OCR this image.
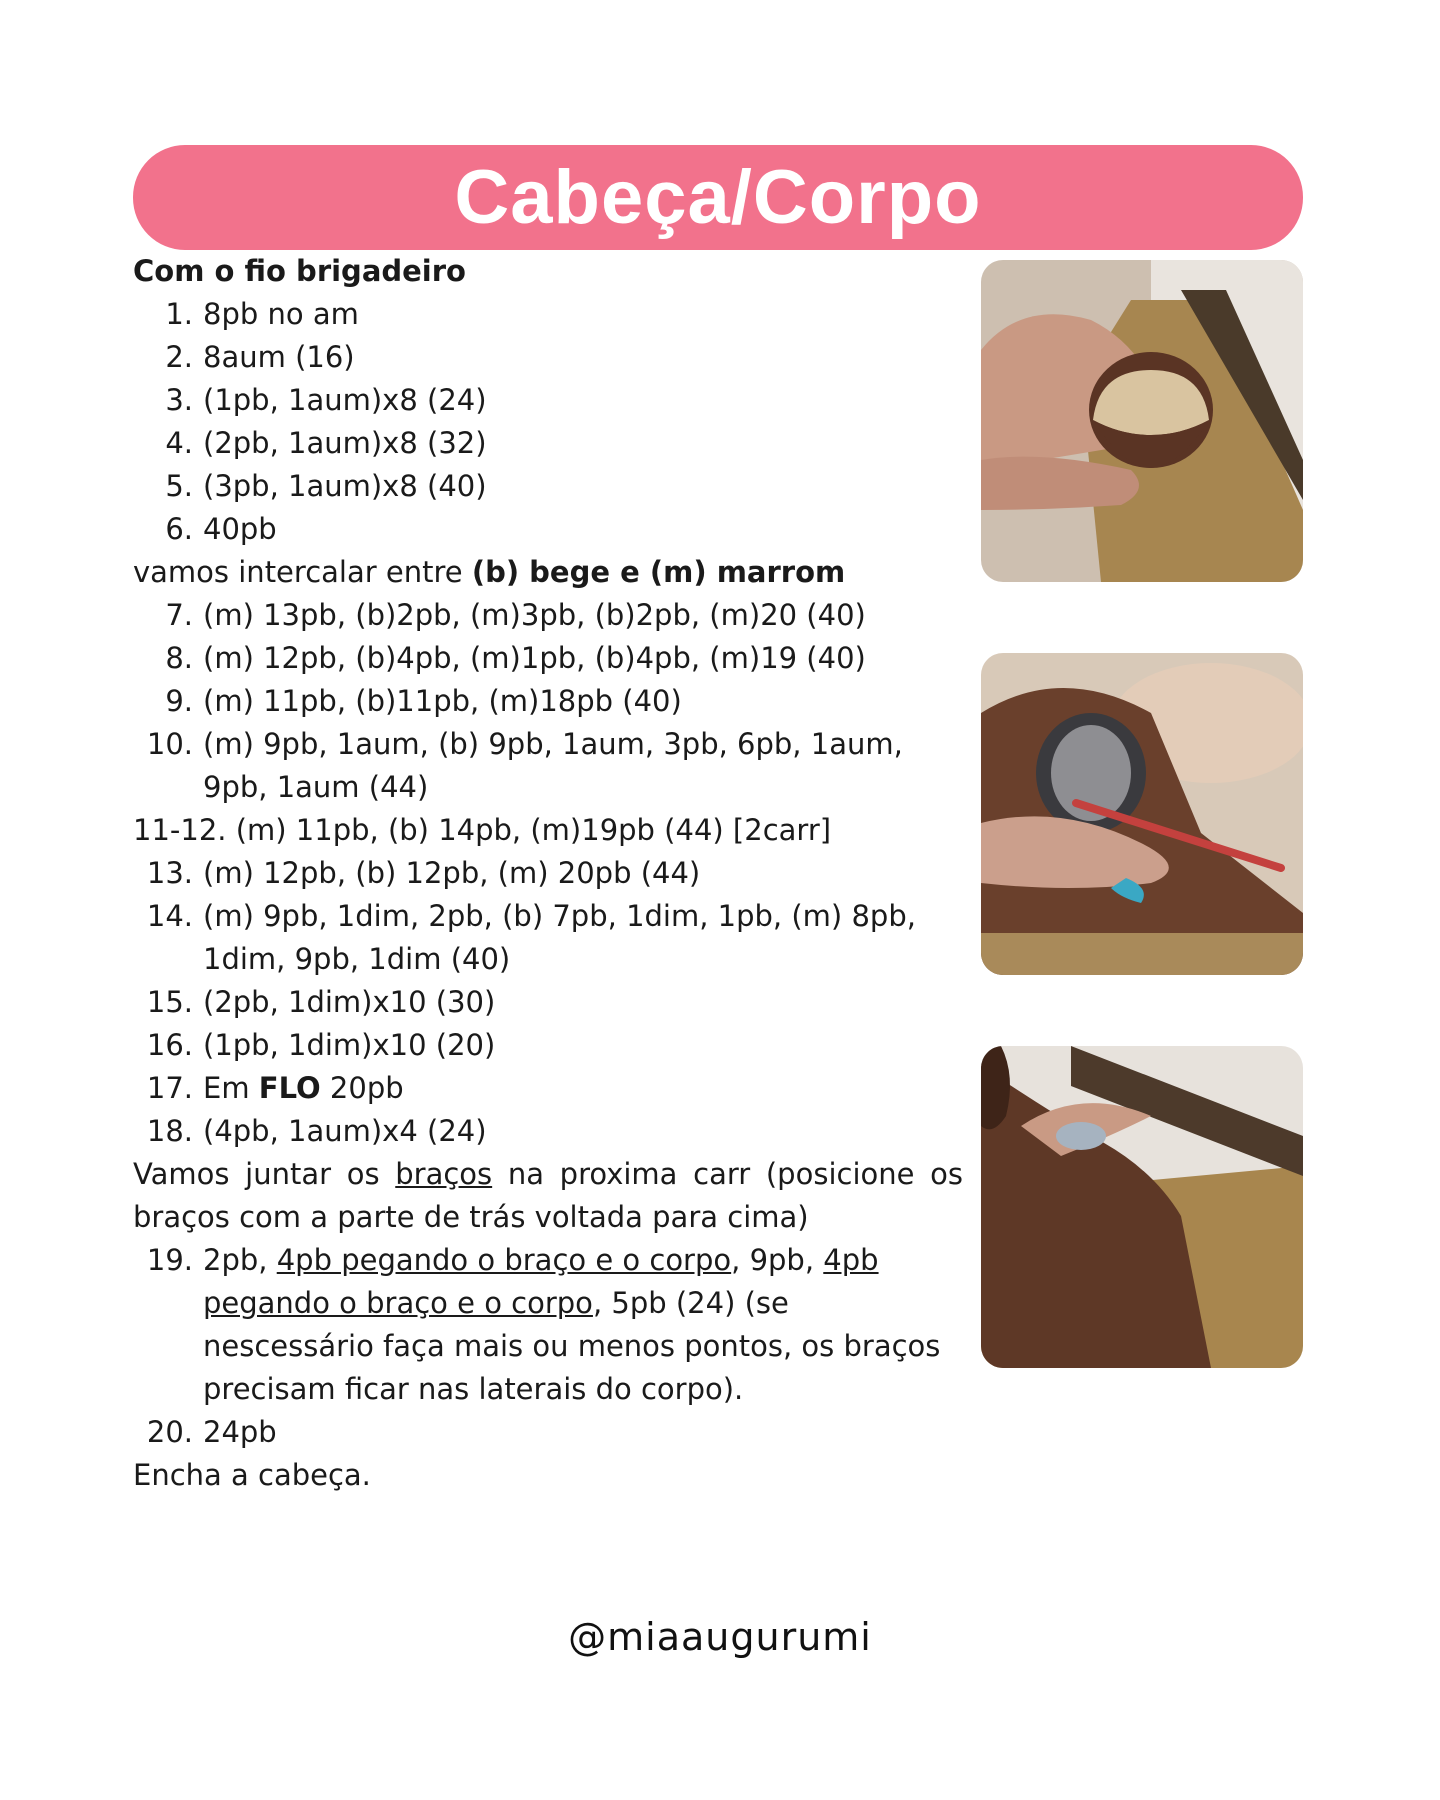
Cabeça/Corpo

Com o fio brigadeiro

1. 8pb no am
2. 8aum (16)
3. (1pb, 1aum)x8 (24)
4. (2pb, 1aum)x8 (32)
5. (3pb, 1aum)x8 (40)
6. 40pb

vamos intercalar entre (b) bege e (m) marrom

7. (m) 13pb, (b)2pb, (m)3pb, (b)2pb, (m)20 (40)
8. (m) 12pb, (b)4pb, (m)1pb, (b)4pb, (m)19 (40)
9. (m) 11pb, (b)11pb, (m)18pb (40)
10. (m) 9pb, 1aum, (b) 9pb, 1aum, 3pb, 6pb, 1aum, 9pb, 1aum (44)

11-12. (m) 11pb, (b) 14pb, (m)19pb (44) [2carr]

13. (m) 12pb, (b) 12pb, (m) 20pb (44)
14. (m) 9pb, 1dim, 2pb, (b) 7pb, 1dim, 1pb, (m) 8pb, 1dim, 9pb, 1dim (40)
15. (2pb, 1dim)x10 (30)
16. (1pb, 1dim)x10 (20)
17. Em FLO 20pb
18. (4pb, 1aum)x4 (24)

Vamos juntar os braços na proxima carr (posicione os braços com a parte de trás voltada para cima)

19. 2pb, 4pb pegando o braço e o corpo, 9pb, 4pb pegando o braço e o corpo, 5pb (24) (se nescessário faça mais ou menos pontos, os braços precisam ficar nas laterais do corpo).
20. 24pb

Encha a cabeça.

@miaaugurumi
